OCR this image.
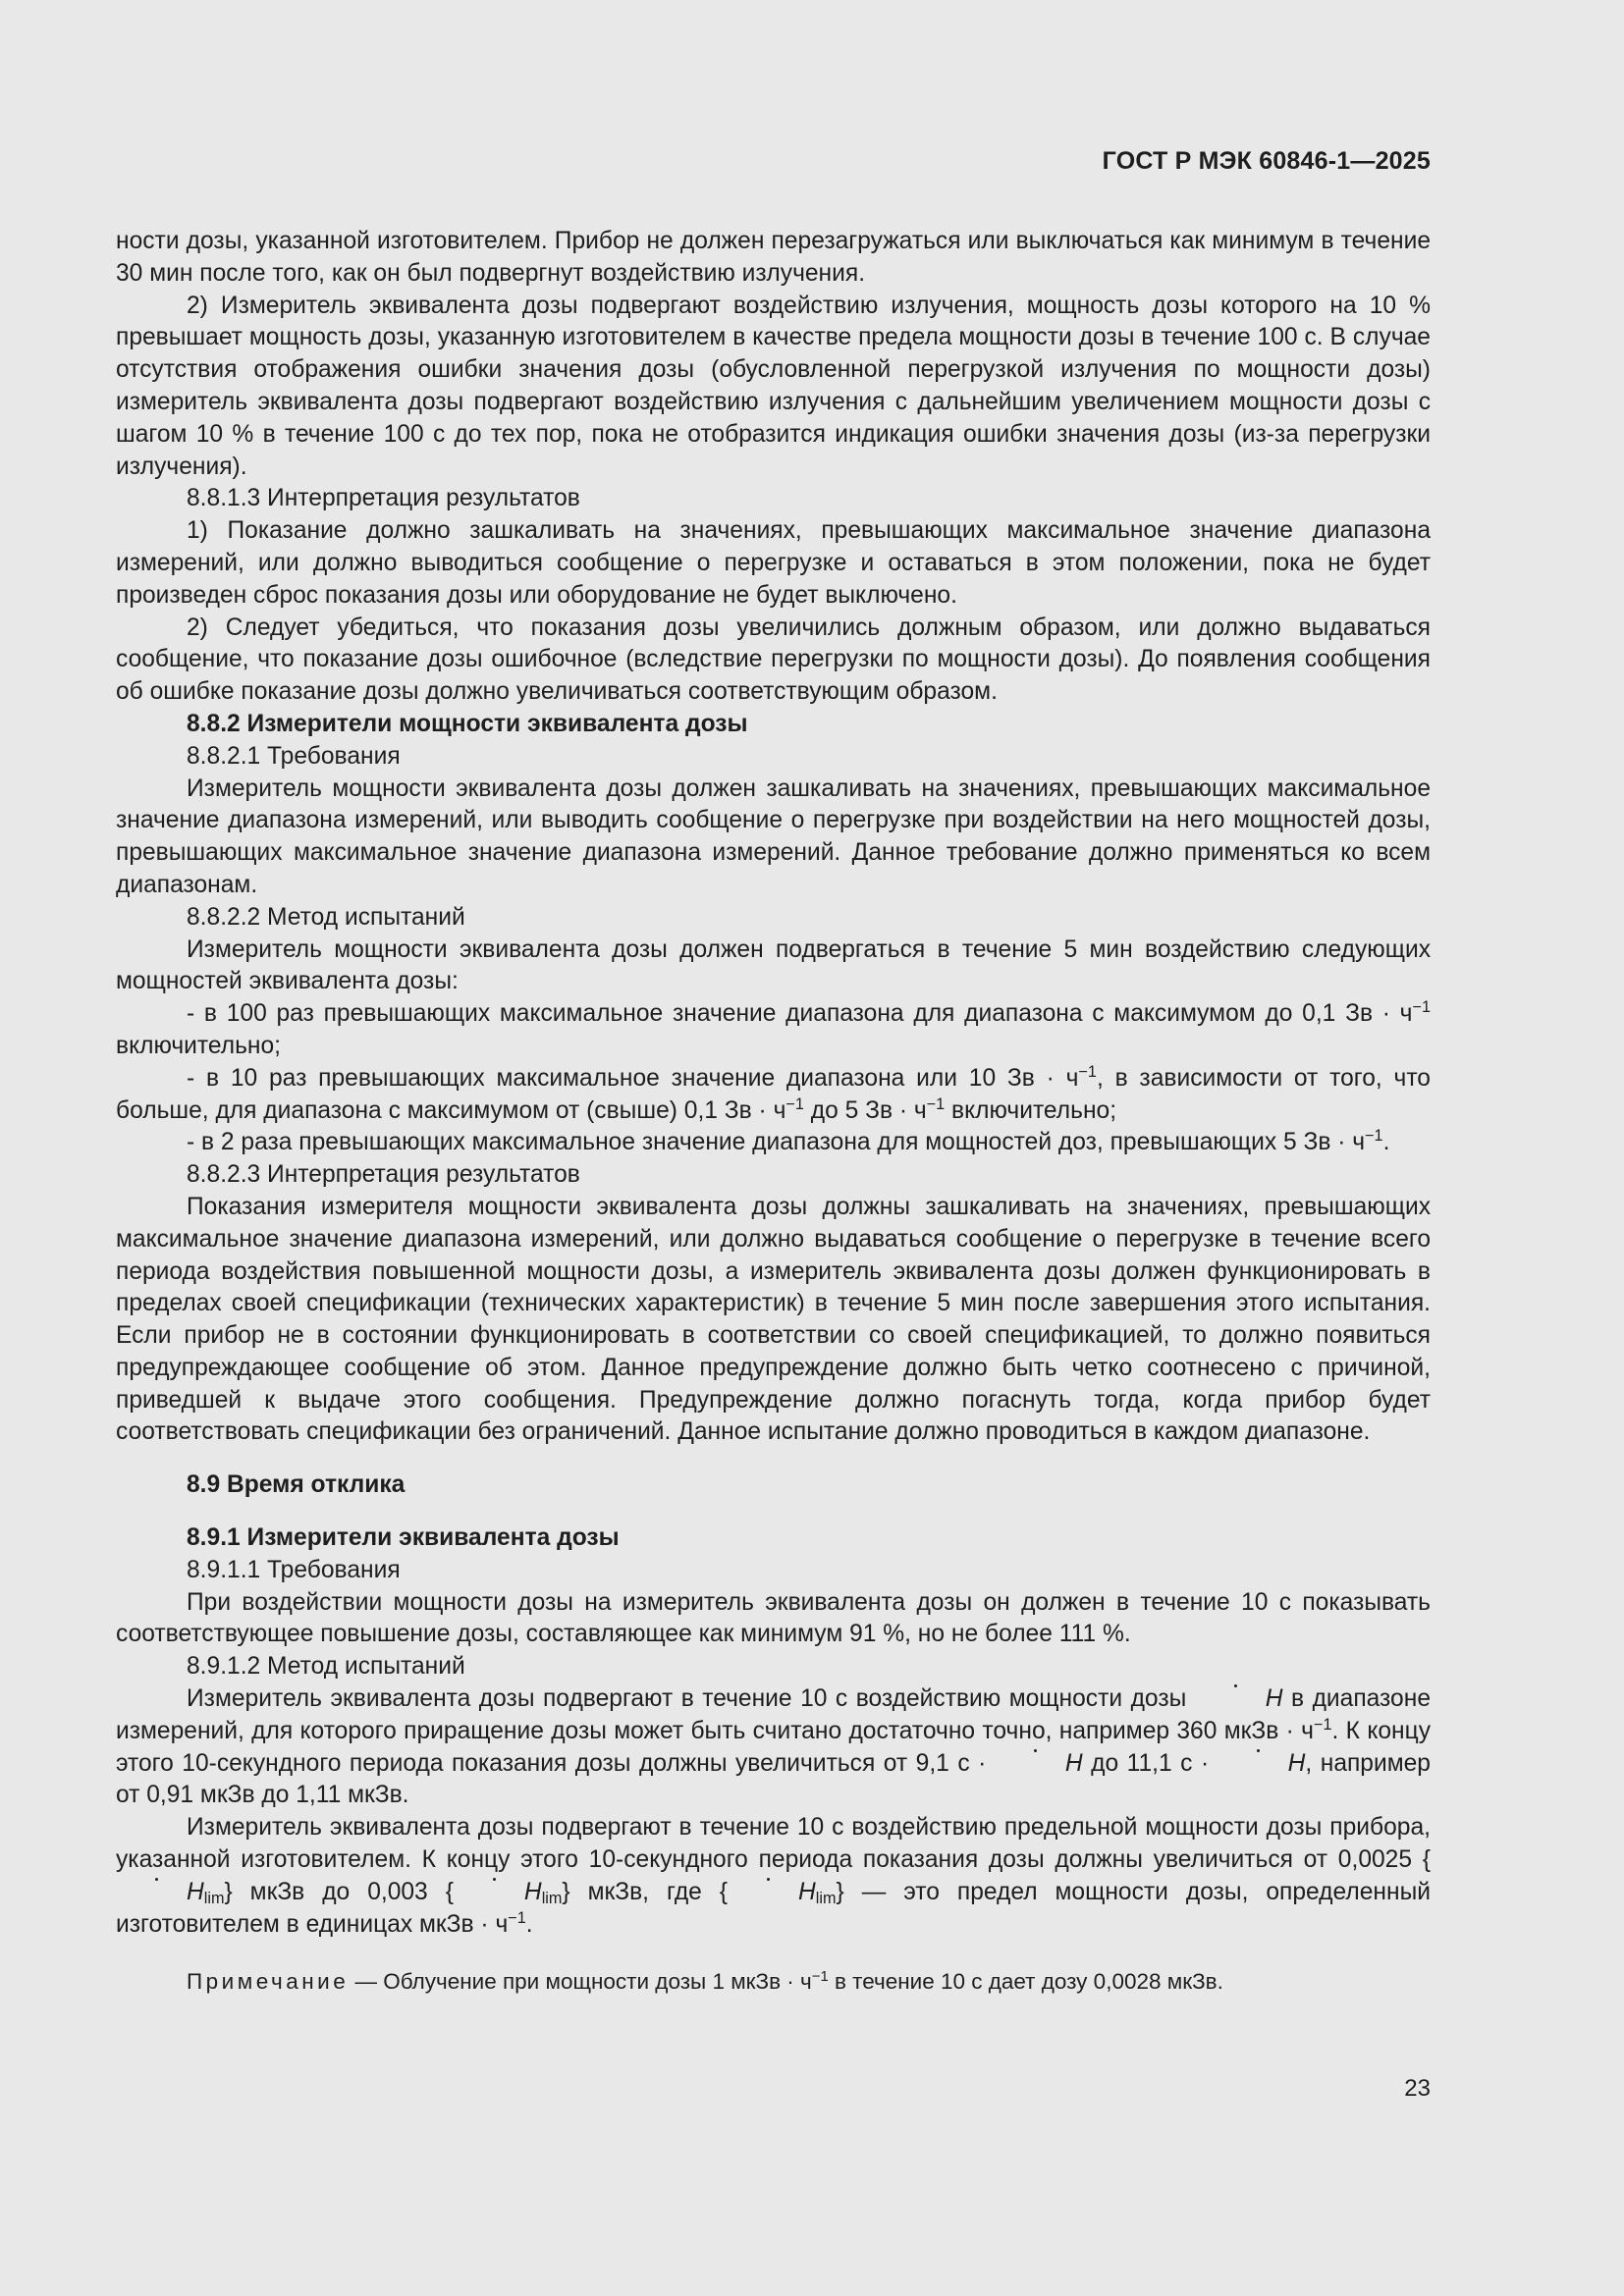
ГОСТ Р МЭК 60846-1—2025

ности дозы, указанной изготовителем. Прибор не должен перезагружаться или выключаться как минимум в течение 30 мин после того, как он был подвергнут воздействию излучения.

2) Измеритель эквивалента дозы подвергают воздействию излучения, мощность дозы которого на 10 % превышает мощность дозы, указанную изготовителем в качестве предела мощности дозы в течение 100 с. В случае отсутствия отображения ошибки значения дозы (обусловленной перегрузкой излучения по мощности дозы) измеритель эквивалента дозы подвергают воздействию излучения с дальнейшим увеличением мощности дозы с шагом 10 % в течение 100 с до тех пор, пока не отобразится индикация ошибки значения дозы (из-за перегрузки излучения).

8.8.1.3 Интерпретация результатов

1) Показание должно зашкаливать на значениях, превышающих максимальное значение диапазона измерений, или должно выводиться сообщение о перегрузке и оставаться в этом положении, пока не будет произведен сброс показания дозы или оборудование не будет выключено.

2) Следует убедиться, что показания дозы увеличились должным образом, или должно выдаваться сообщение, что показание дозы ошибочное (вследствие перегрузки по мощности дозы). До появления сообщения об ошибке показание дозы должно увеличиваться соответствующим образом.

8.8.2 Измерители мощности эквивалента дозы

8.8.2.1 Требования

Измеритель мощности эквивалента дозы должен зашкаливать на значениях, превышающих максимальное значение диапазона измерений, или выводить сообщение о перегрузке при воздействии на него мощностей дозы, превышающих максимальное значение диапазона измерений. Данное требование должно применяться ко всем диапазонам.

8.8.2.2 Метод испытаний

Измеритель мощности эквивалента дозы должен подвергаться в течение 5 мин воздействию следующих мощностей эквивалента дозы:

- в 100 раз превышающих максимальное значение диапазона для диапазона с максимумом до 0,1 Зв · $ч^{-1}$ включительно;

- в 10 раз превышающих максимальное значение диапазона или 10 Зв · $ч^{-1}$, в зависимости от того, что больше, для диапазона с максимумом от (свыше) 0,1 Зв · $ч^{-1}$ до 5 Зв · $ч^{-1}$ включительно;

- в 2 раза превышающих максимальное значение диапазона для мощностей доз, превышающих 5 Зв · $ч^{-1}$.

8.8.2.3 Интерпретация результатов

Показания измерителя мощности эквивалента дозы должны зашкаливать на значениях, превышающих максимальное значение диапазона измерений, или должно выдаваться сообщение о перегрузке в течение всего периода воздействия повышенной мощности дозы, а измеритель эквивалента дозы должен функционировать в пределах своей спецификации (технических характеристик) в течение 5 мин после завершения этого испытания. Если прибор не в состоянии функционировать в соответствии со своей спецификацией, то должно появиться предупреждающее сообщение об этом. Данное предупреждение должно быть четко соотнесено с причиной, приведшей к выдаче этого сообщения. Предупреждение должно погаснуть тогда, когда прибор будет соответствовать спецификации без ограничений. Данное испытание должно проводиться в каждом диапазоне.

8.9 Время отклика

8.9.1 Измерители эквивалента дозы

8.9.1.1 Требования

При воздействии мощности дозы на измеритель эквивалента дозы он должен в течение 10 с показывать соответствующее повышение дозы, составляющее как минимум 91 %, но не более 111 %.

8.9.1.2 Метод испытаний

Измеритель эквивалента дозы подвергают в течение 10 с воздействию мощности дозы	H в диапазоне измерений, для которого приращение дозы может быть считано достаточно точно, например 360 мкЗв · $ч^{-1}$. К концу этого 10-секундного периода показания дозы должны увеличиться от 9,1 с ·	H до 11,1 с ·	H, например от 0,91 мкЗв до 1,11 мкЗв.

Измеритель эквивалента дозы подвергают в течение 10 с воздействию предельной мощности дозы прибора, указанной изготовителем. К концу этого 10-секундного периода показания дозы должны увеличиться от 0,0025 $\{H_{lim}\}$ мкЗв до 0,003 {	$H_{lim}$} мкЗв, где {	$H_{lim}$} — это предел мощности дозы, определенный изготовителем в единицах мкЗв · $ч^{-1}$.

Примечание — Облучение при мощности дозы 1 мкЗв · $ч^{-1}$ в течение 10 с дает дозу 0,0028 мкЗв.

23
